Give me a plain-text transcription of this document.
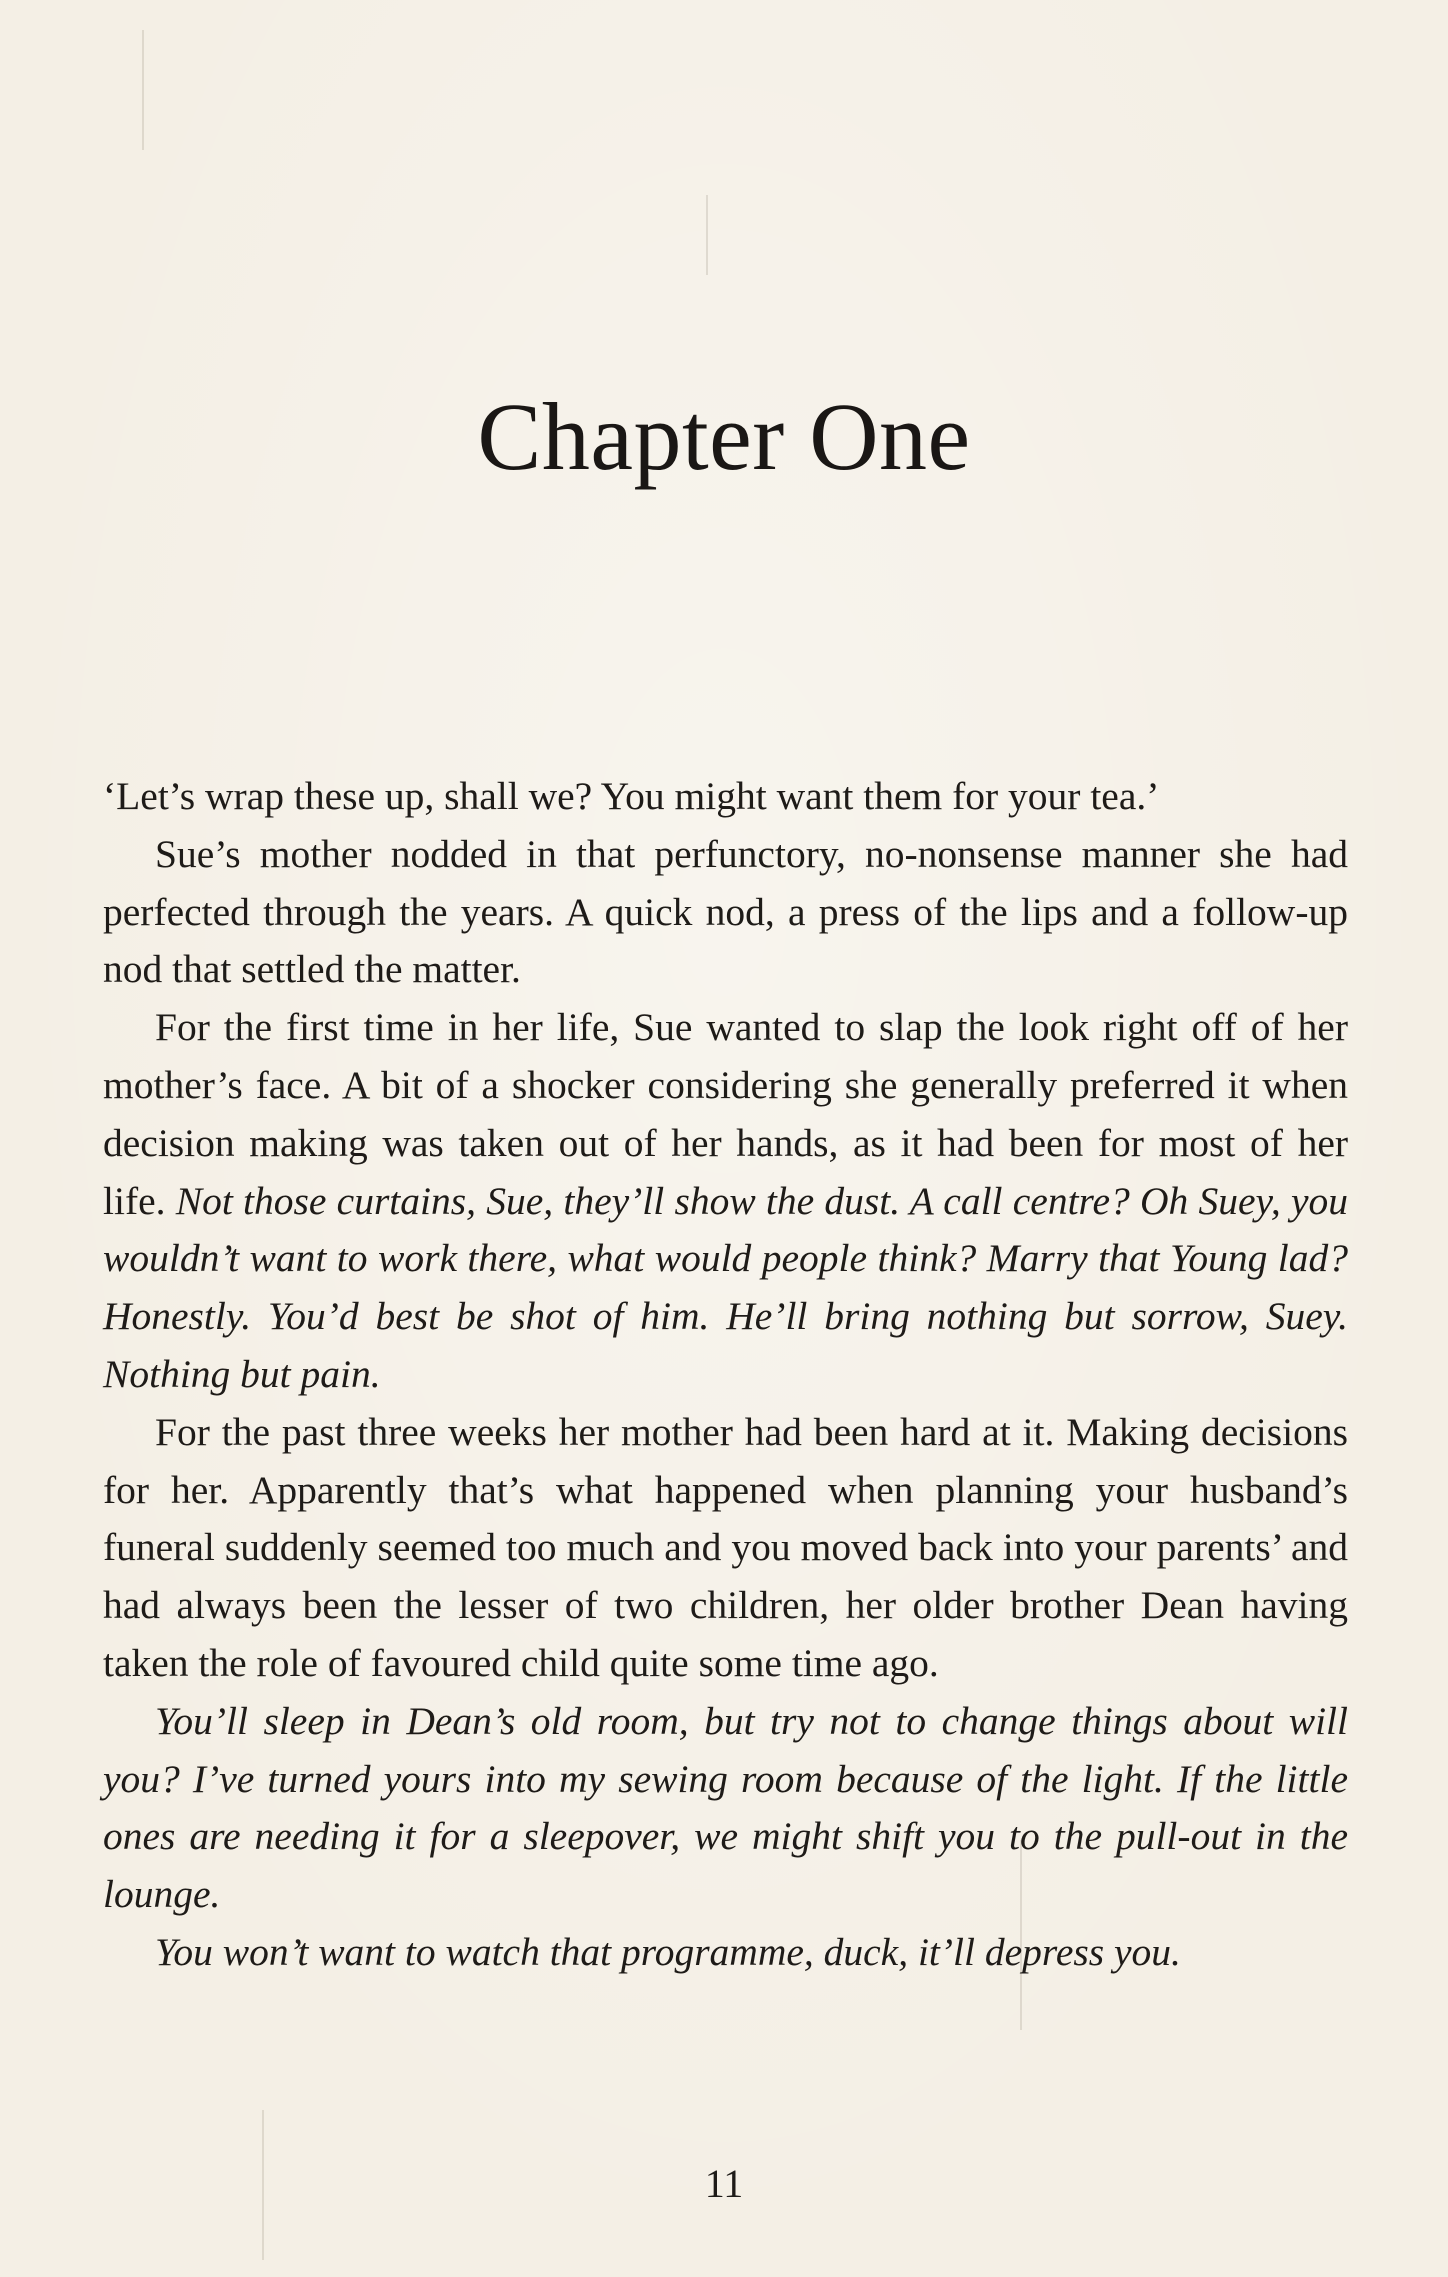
Chapter One

‘Let’s wrap these up, shall we? You might want them for your tea.’

Sue’s mother nodded in that perfunctory, no-nonsense manner she had perfected through the years. A quick nod, a press of the lips and a follow-up nod that settled the matter.

For the first time in her life, Sue wanted to slap the look right off of her mother’s face. A bit of a shocker considering she generally preferred it when decision making was taken out of her hands, as it had been for most of her life. Not those curtains, Sue, they’ll show the dust. A call centre? Oh Suey, you wouldn’t want to work there, what would people think? Marry that Young lad? Honestly. You’d best be shot of him. He’ll bring nothing but sorrow, Suey. Nothing but pain.

For the past three weeks her mother had been hard at it. Making decisions for her. Apparently that’s what happened when planning your husband’s funeral suddenly seemed too much and you moved back into your parents’ and had always been the lesser of two children, her older brother Dean having taken the role of favoured child quite some time ago.

You’ll sleep in Dean’s old room, but try not to change things about will you? I’ve turned yours into my sewing room because of the light. If the little ones are needing it for a sleepover, we might shift you to the pull-out in the lounge.

You won’t want to watch that programme, duck, it’ll depress you.

11
